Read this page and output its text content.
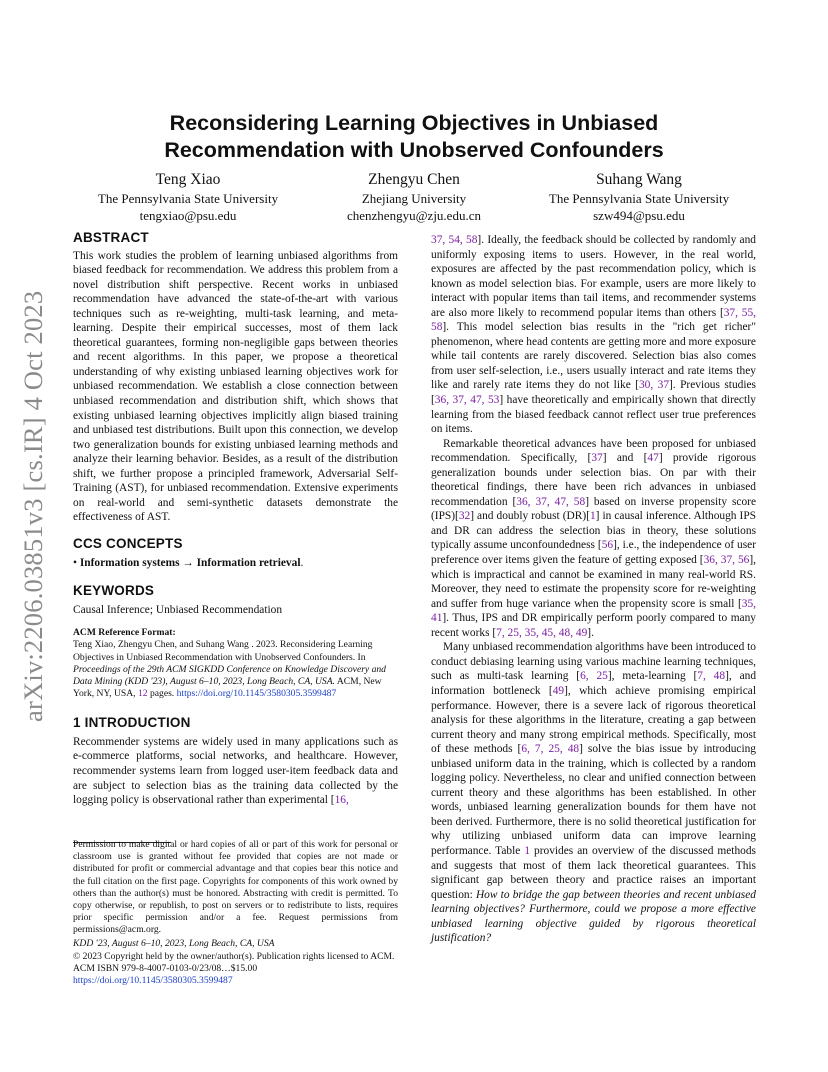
arXiv:2206.03851v3 [cs.IR] 4 Oct 2023
Reconsidering Learning Objectives in Unbiased
Recommendation with Unobserved Confounders
Teng Xiao
The Pennsylvania State University
tengxiao@psu.edu
Zhengyu Chen
Zhejiang University
chenzhengyu@zju.edu.cn
Suhang Wang
The Pennsylvania State University
szw494@psu.edu
ABSTRACT

This work studies the problem of learning unbiased algorithms from biased feedback for recommendation. We address this problem from a novel distribution shift perspective. Recent works in unbiased recommendation have advanced the state-of-the-art with various techniques such as re-weighting, multi-task learning, and meta-learning. Despite their empirical successes, most of them lack theoretical guarantees, forming non-negligible gaps between theories and recent algorithms. In this paper, we propose a theoretical understanding of why existing unbiased learning objectives work for unbiased recommendation. We establish a close connection between unbiased recommendation and distribution shift, which shows that existing unbiased learning objectives implicitly align biased training and unbiased test distributions. Built upon this connection, we develop two generalization bounds for existing unbiased learning methods and analyze their learning behavior. Besides, as a result of the distribution shift, we further propose a principled framework, Adversarial Self-Training (AST), for unbiased recommendation. Extensive experiments on real-world and semi-synthetic datasets demonstrate the effectiveness of AST.

CCS CONCEPTS

• Information systems → Information retrieval.

KEYWORDS

Causal Inference; Unbiased Recommendation

ACM Reference Format:

Teng Xiao, Zhengyu Chen, and Suhang Wang . 2023. Reconsidering Learning Objectives in Unbiased Recommendation with Unobserved Confounders. In Proceedings of the 29th ACM SIGKDD Conference on Knowledge Discovery and Data Mining (KDD '23), August 6–10, 2023, Long Beach, CA, USA. ACM, New York, NY, USA, 12 pages. https://doi.org/10.1145/3580305.3599487

1 INTRODUCTION

Recommender systems are widely used in many applications such as e-commerce platforms, social networks, and healthcare. However, recommender systems learn from logged user-item feedback data and are subject to selection bias as the training data collected by the logging policy is observational rather than experimental [16,

Permission to make digital or hard copies of all or part of this work for personal or classroom use is granted without fee provided that copies are not made or distributed for profit or commercial advantage and that copies bear this notice and the full citation on the first page. Copyrights for components of this work owned by others than the author(s) must be honored. Abstracting with credit is permitted. To copy otherwise, or republish, to post on servers or to redistribute to lists, requires prior specific permission and/or a fee. Request permissions from permissions@acm.org.

KDD '23, August 6–10, 2023, Long Beach, CA, USA

© 2023 Copyright held by the owner/author(s). Publication rights licensed to ACM.

ACM ISBN 979-8-4007-0103-0/23/08…$15.00

https://doi.org/10.1145/3580305.3599487

37, 54, 58]. Ideally, the feedback should be collected by randomly and uniformly exposing items to users. However, in the real world, exposures are affected by the past recommendation policy, which is known as model selection bias. For example, users are more likely to interact with popular items than tail items, and recommender systems are also more likely to recommend popular items than others [37, 55, 58]. This model selection bias results in the "rich get richer" phenomenon, where head contents are getting more and more exposure while tail contents are rarely discovered. Selection bias also comes from user self-selection, i.e., users usually interact and rate items they like and rarely rate items they do not like [30, 37]. Previous studies [36, 37, 47, 53] have theoretically and empirically shown that directly learning from the biased feedback cannot reflect user true preferences on items.

Remarkable theoretical advances have been proposed for unbiased recommendation. Specifically, [37] and [47] provide rigorous generalization bounds under selection bias. On par with their theoretical findings, there have been rich advances in unbiased recommendation [36, 37, 47, 58] based on inverse propensity score (IPS)[32] and doubly robust (DR)[1] in causal inference. Although IPS and DR can address the selection bias in theory, these solutions typically assume unconfoundedness [56], i.e., the independence of user preference over items given the feature of getting exposed [36, 37, 56], which is impractical and cannot be examined in many real-world RS. Moreover, they need to estimate the propensity score for re-weighting and suffer from huge variance when the propensity score is small [35, 41]. Thus, IPS and DR empirically perform poorly compared to many recent works [7, 25, 35, 45, 48, 49].

Many unbiased recommendation algorithms have been introduced to conduct debiasing learning using various machine learning techniques, such as multi-task learning [6, 25], meta-learning [7, 48], and information bottleneck [49], which achieve promising empirical performance. However, there is a severe lack of rigorous theoretical analysis for these algorithms in the literature, creating a gap between current theory and many strong empirical methods. Specifically, most of these methods [6, 7, 25, 48] solve the bias issue by introducing unbiased uniform data in the training, which is collected by a random logging policy. Nevertheless, no clear and unified connection between current theory and these algorithms has been established. In other words, unbiased learning generalization bounds for them have not been derived. Furthermore, there is no solid theoretical justification for why utilizing unbiased uniform data can improve learning performance. Table 1 provides an overview of the discussed methods and suggests that most of them lack theoretical guarantees. This significant gap between theory and practice raises an important question: How to bridge the gap between theories and recent unbiased learning objectives? Furthermore, could we propose a more effective unbiased learning objective guided by rigorous theoretical justification?
